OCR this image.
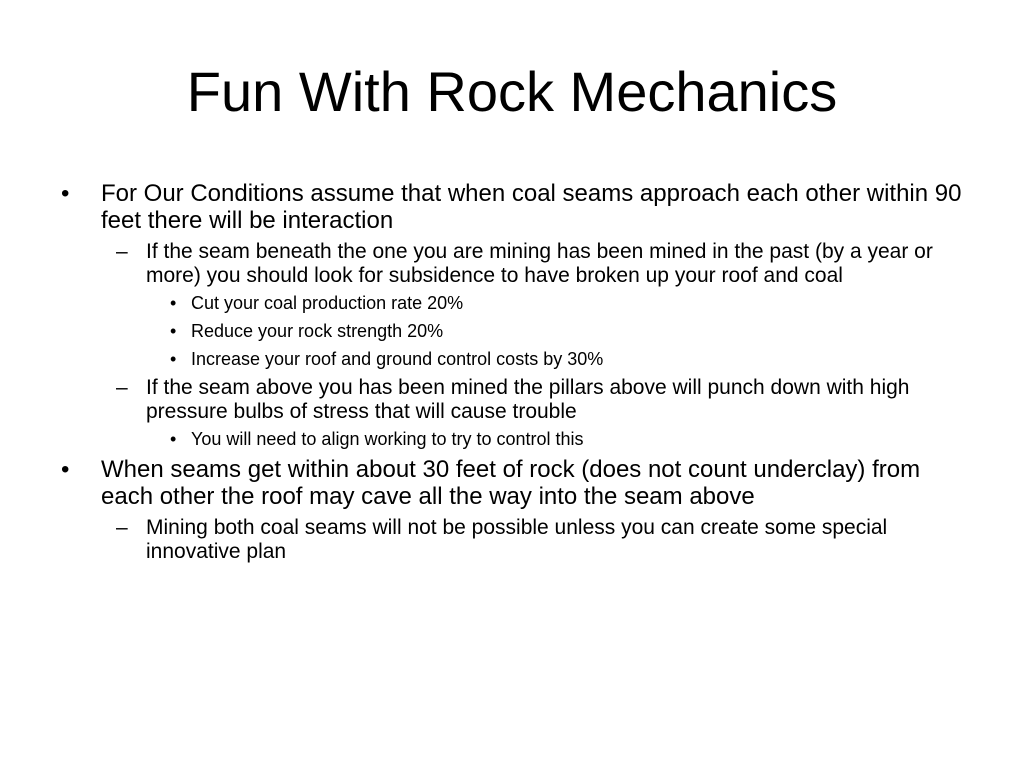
Fun With Rock Mechanics
• For Our Conditions assume that when coal seams approach each other within 90 feet there will be interaction
– If the seam beneath the one you are mining has been mined in the past (by a year or more) you should look for subsidence to have broken up your roof and coal
• Cut your coal production rate 20%
• Reduce your rock strength 20%
• Increase your roof and ground control costs by 30%
– If the seam above you has been mined the pillars above will punch down with high pressure bulbs of stress that will cause trouble
• You will need to align working to try to control this
• When seams get within about 30 feet of rock (does not count underclay) from each other the roof may cave all the way into the seam above
– Mining both coal seams will not be possible unless you can create some special innovative plan
